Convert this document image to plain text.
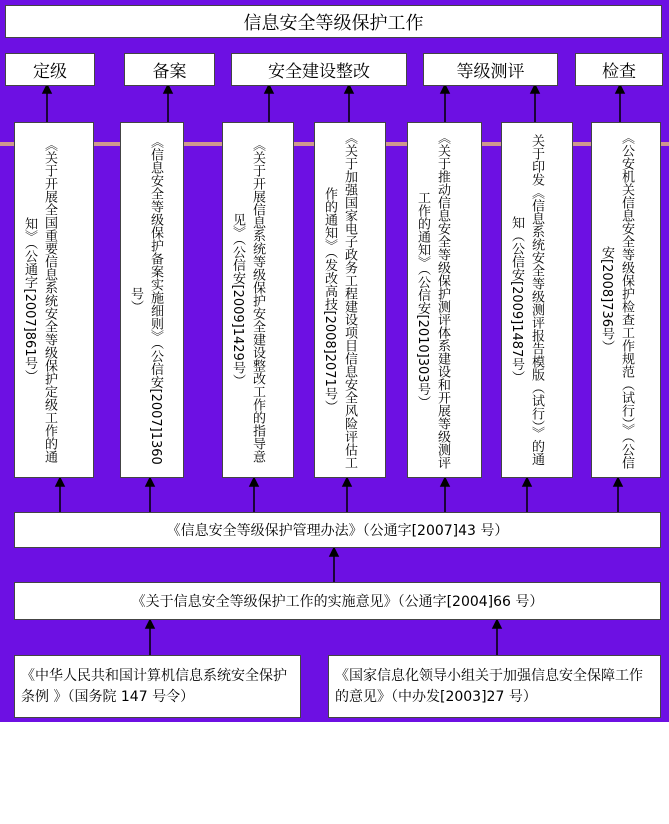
信息安全等级保护工作
定级	备案	安全建设整改	等级测评	检查
《关于开展全国重要信息系统安全等级保护定级工作的通知》（公通字[2007]861号）	《信息安全等级保护备案实施细则》（公信安[2007]1360号）	《关于开展信息系统等级保护安全建设整改工作的指导意见》（公信安[2009]1429号）	《关于加强国家电子政务工程建设项目信息安全风险评估工作的通知》（发改高技[2008]2071号）	《关于推动信息安全等级保护测评体系建设和开展等级测评工作的通知》（公信安[2010]303号）	关于印发《信息系统安全等级测评报告模版（试行）》的通知（公信安[2009]1487号）	《公安机关信息安全等级保护检查工作规范（试行）》（公信安[2008]736号）
《信息安全等级保护管理办法》（公通字[2007]43 号）
《关于信息安全等级保护工作的实施意见》（公通字[2004]66 号）
《中华人民共和国计算机信息系统安全保护条例 》（国务院 147 号令）
《国家信息化领导小组关于加强信息安全保障工作的意见》（中办发[2003]27 号）
